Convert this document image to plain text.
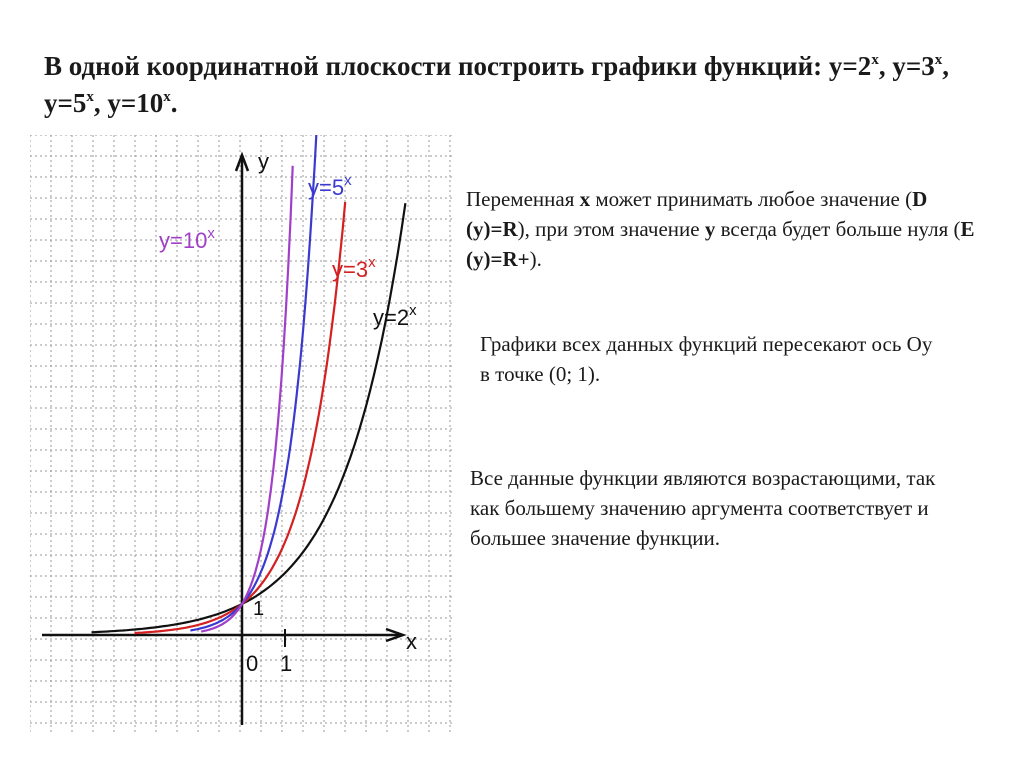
В одной координатной плоскости построить графики функций: $y=2^x$, $y=3^x$, $y=5^x$, $y=10^x$.
y
x
0 1
1
$y=5^x$
$y=10^x$
$y=3^x$
$y=2^x$
Переменная x может принимать любое значение (D (y)=R), при этом значение y всегда будет больше нуля (E (y)=R+).
Графики всех данных функций пересекают ось Оy в точке (0; 1).
Все данные функции являются возрастающими, так как большему значению аргумента соответствует и большее значение функции.
